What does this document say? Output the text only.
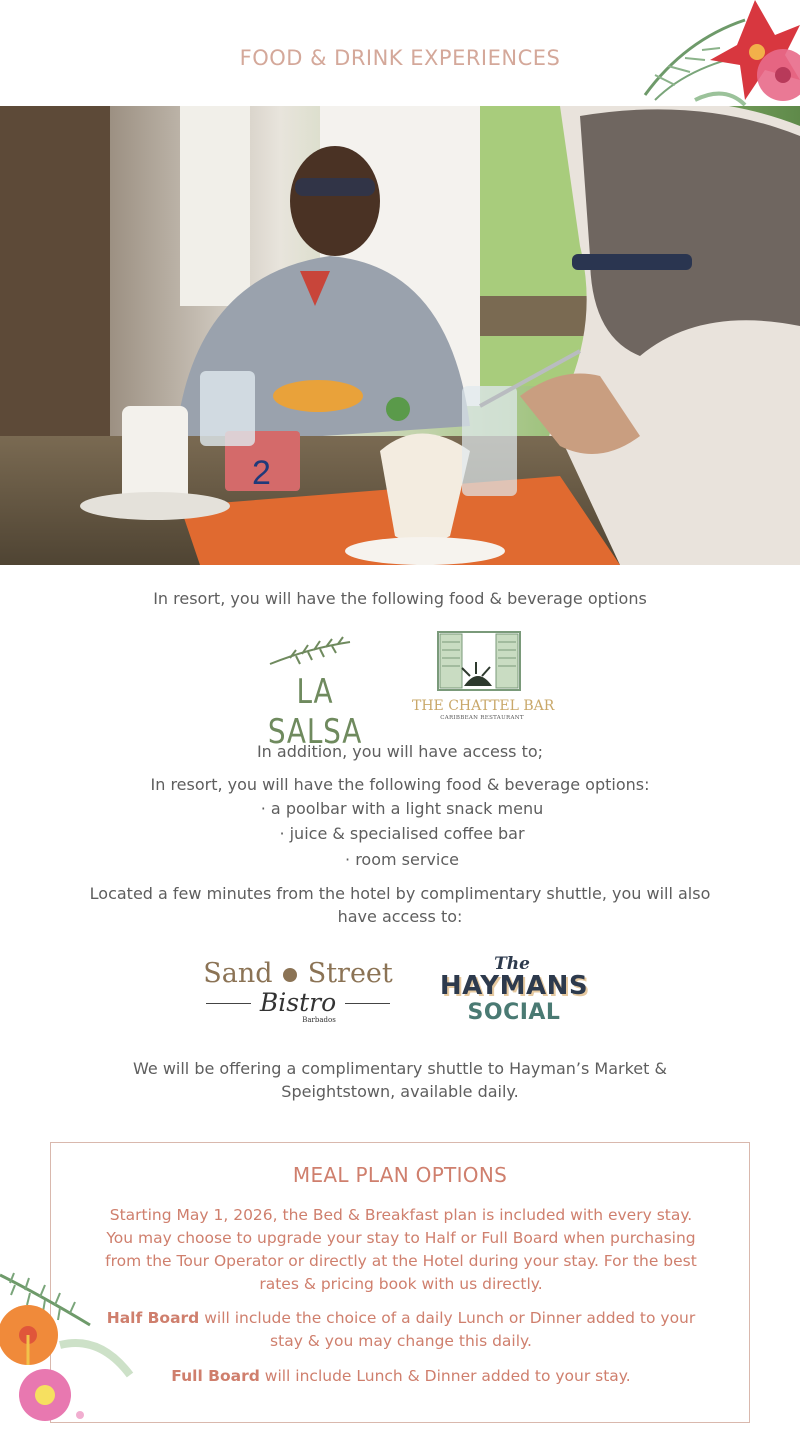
FOOD & DRINK EXPERIENCES
2
In resort, you will have the following food & beverage options
LA SALSA
THE CHATTEL BAR
CARIBBEAN RESTAURANT
In addition, you will have access to;
In resort, you will have the following food & beverage options:
· a poolbar with a light snack menu
· juice & specialised coffee bar
· room service
Located a few minutes from the hotel by complimentary shuttle, you will also
have access to:
Sand Street
Bistro
Barbados
The
HAYMANS
SOCIAL
We will be offering a complimentary shuttle to Hayman’s Market &
Speightstown, available daily.
MEAL PLAN OPTIONS
Starting May 1, 2026, the Bed & Breakfast plan is included with every stay.
You may choose to upgrade your stay to Half or Full Board when purchasing
from the Tour Operator or directly at the Hotel during your stay. For the best
rates & pricing book with us directly.
Half Board will include the choice of a daily Lunch or Dinner added to your
stay & you may change this daily.
Full Board will include Lunch & Dinner added to your stay.
